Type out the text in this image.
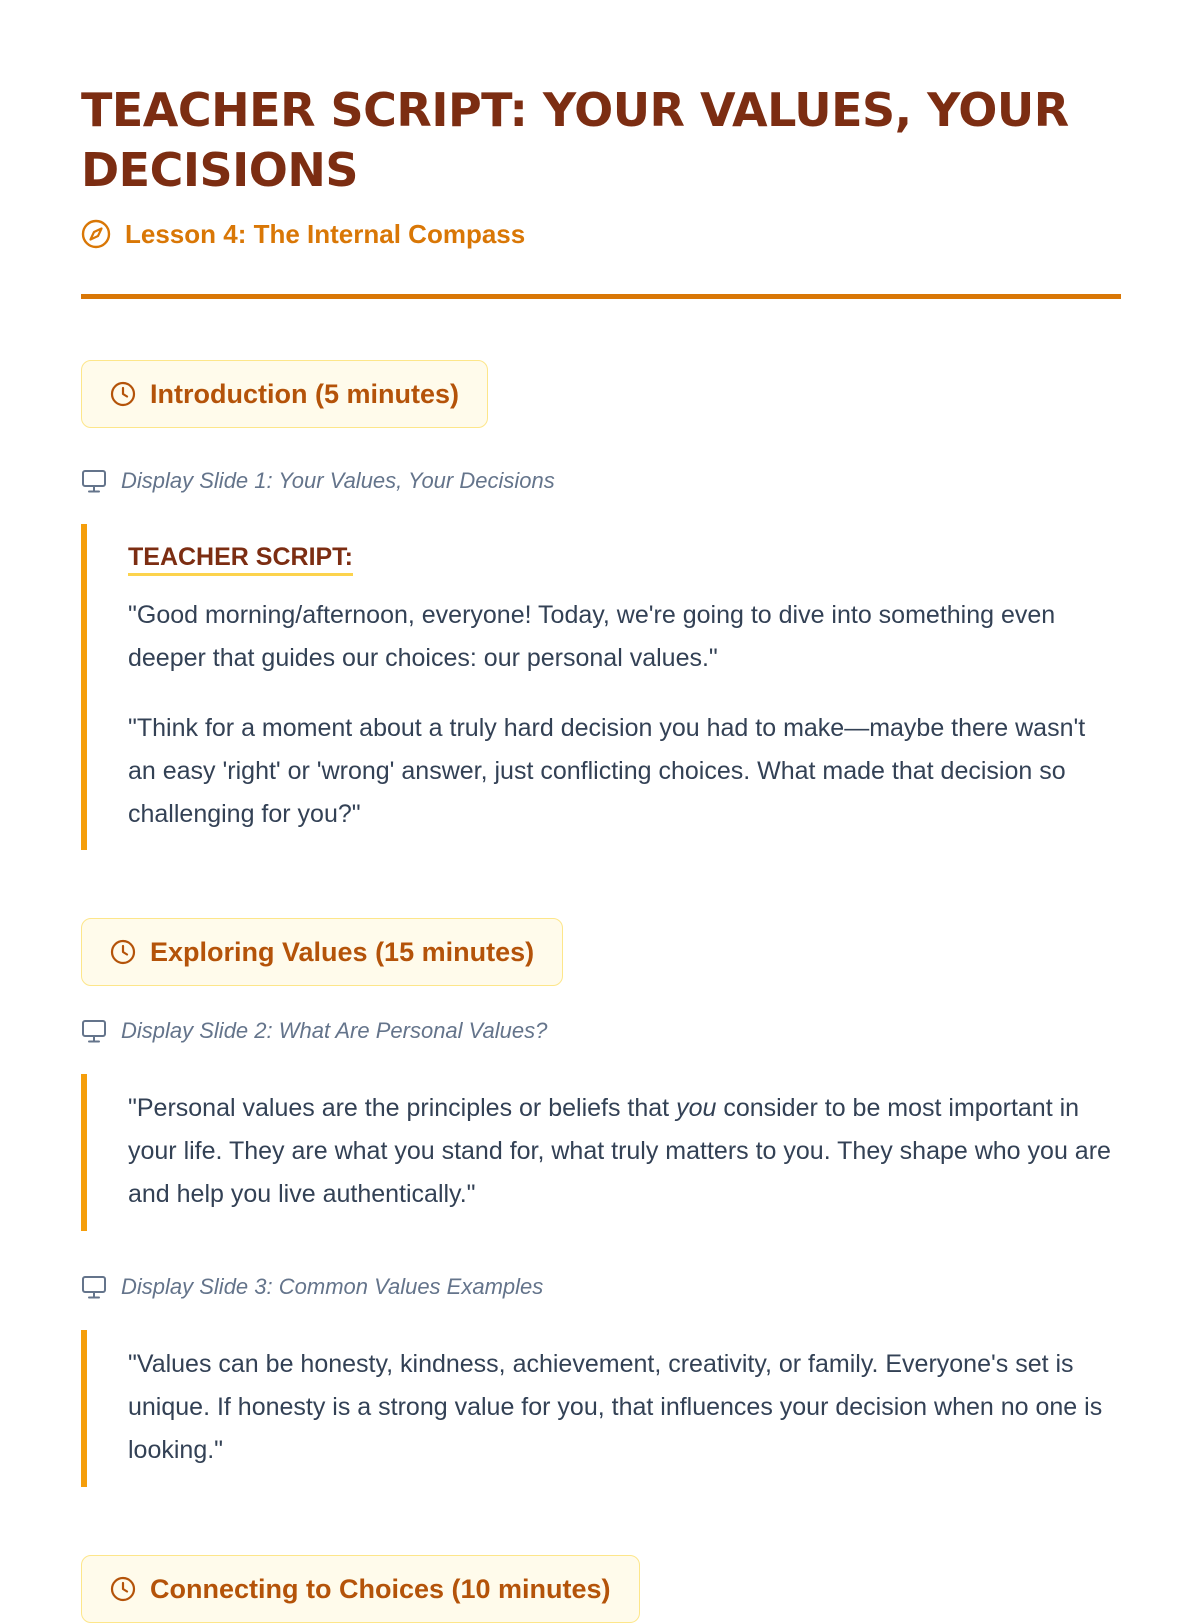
TEACHER SCRIPT: YOUR VALUES, YOUR DECISIONS
Lesson 4: The Internal Compass
Introduction (5 minutes)
Display Slide 1: Your Values, Your Decisions
TEACHER SCRIPT:

"Good morning/afternoon, everyone! Today, we're going to dive into something even deeper that guides our choices: our personal values."

"Think for a moment about a truly hard decision you had to make—maybe there wasn't an easy 'right' or 'wrong' answer, just conflicting choices. What made that decision so challenging for you?"

Exploring Values (15 minutes)
Display Slide 2: What Are Personal Values?

"Personal values are the principles or beliefs that you consider to be most important in your life. They are what you stand for, what truly matters to you. They shape who you are and help you live authentically."

Display Slide 3: Common Values Examples

"Values can be honesty, kindness, achievement, creativity, or family. Everyone's set is unique. If honesty is a strong value for you, that influences your decision when no one is looking."

Connecting to Choices (10 minutes)
